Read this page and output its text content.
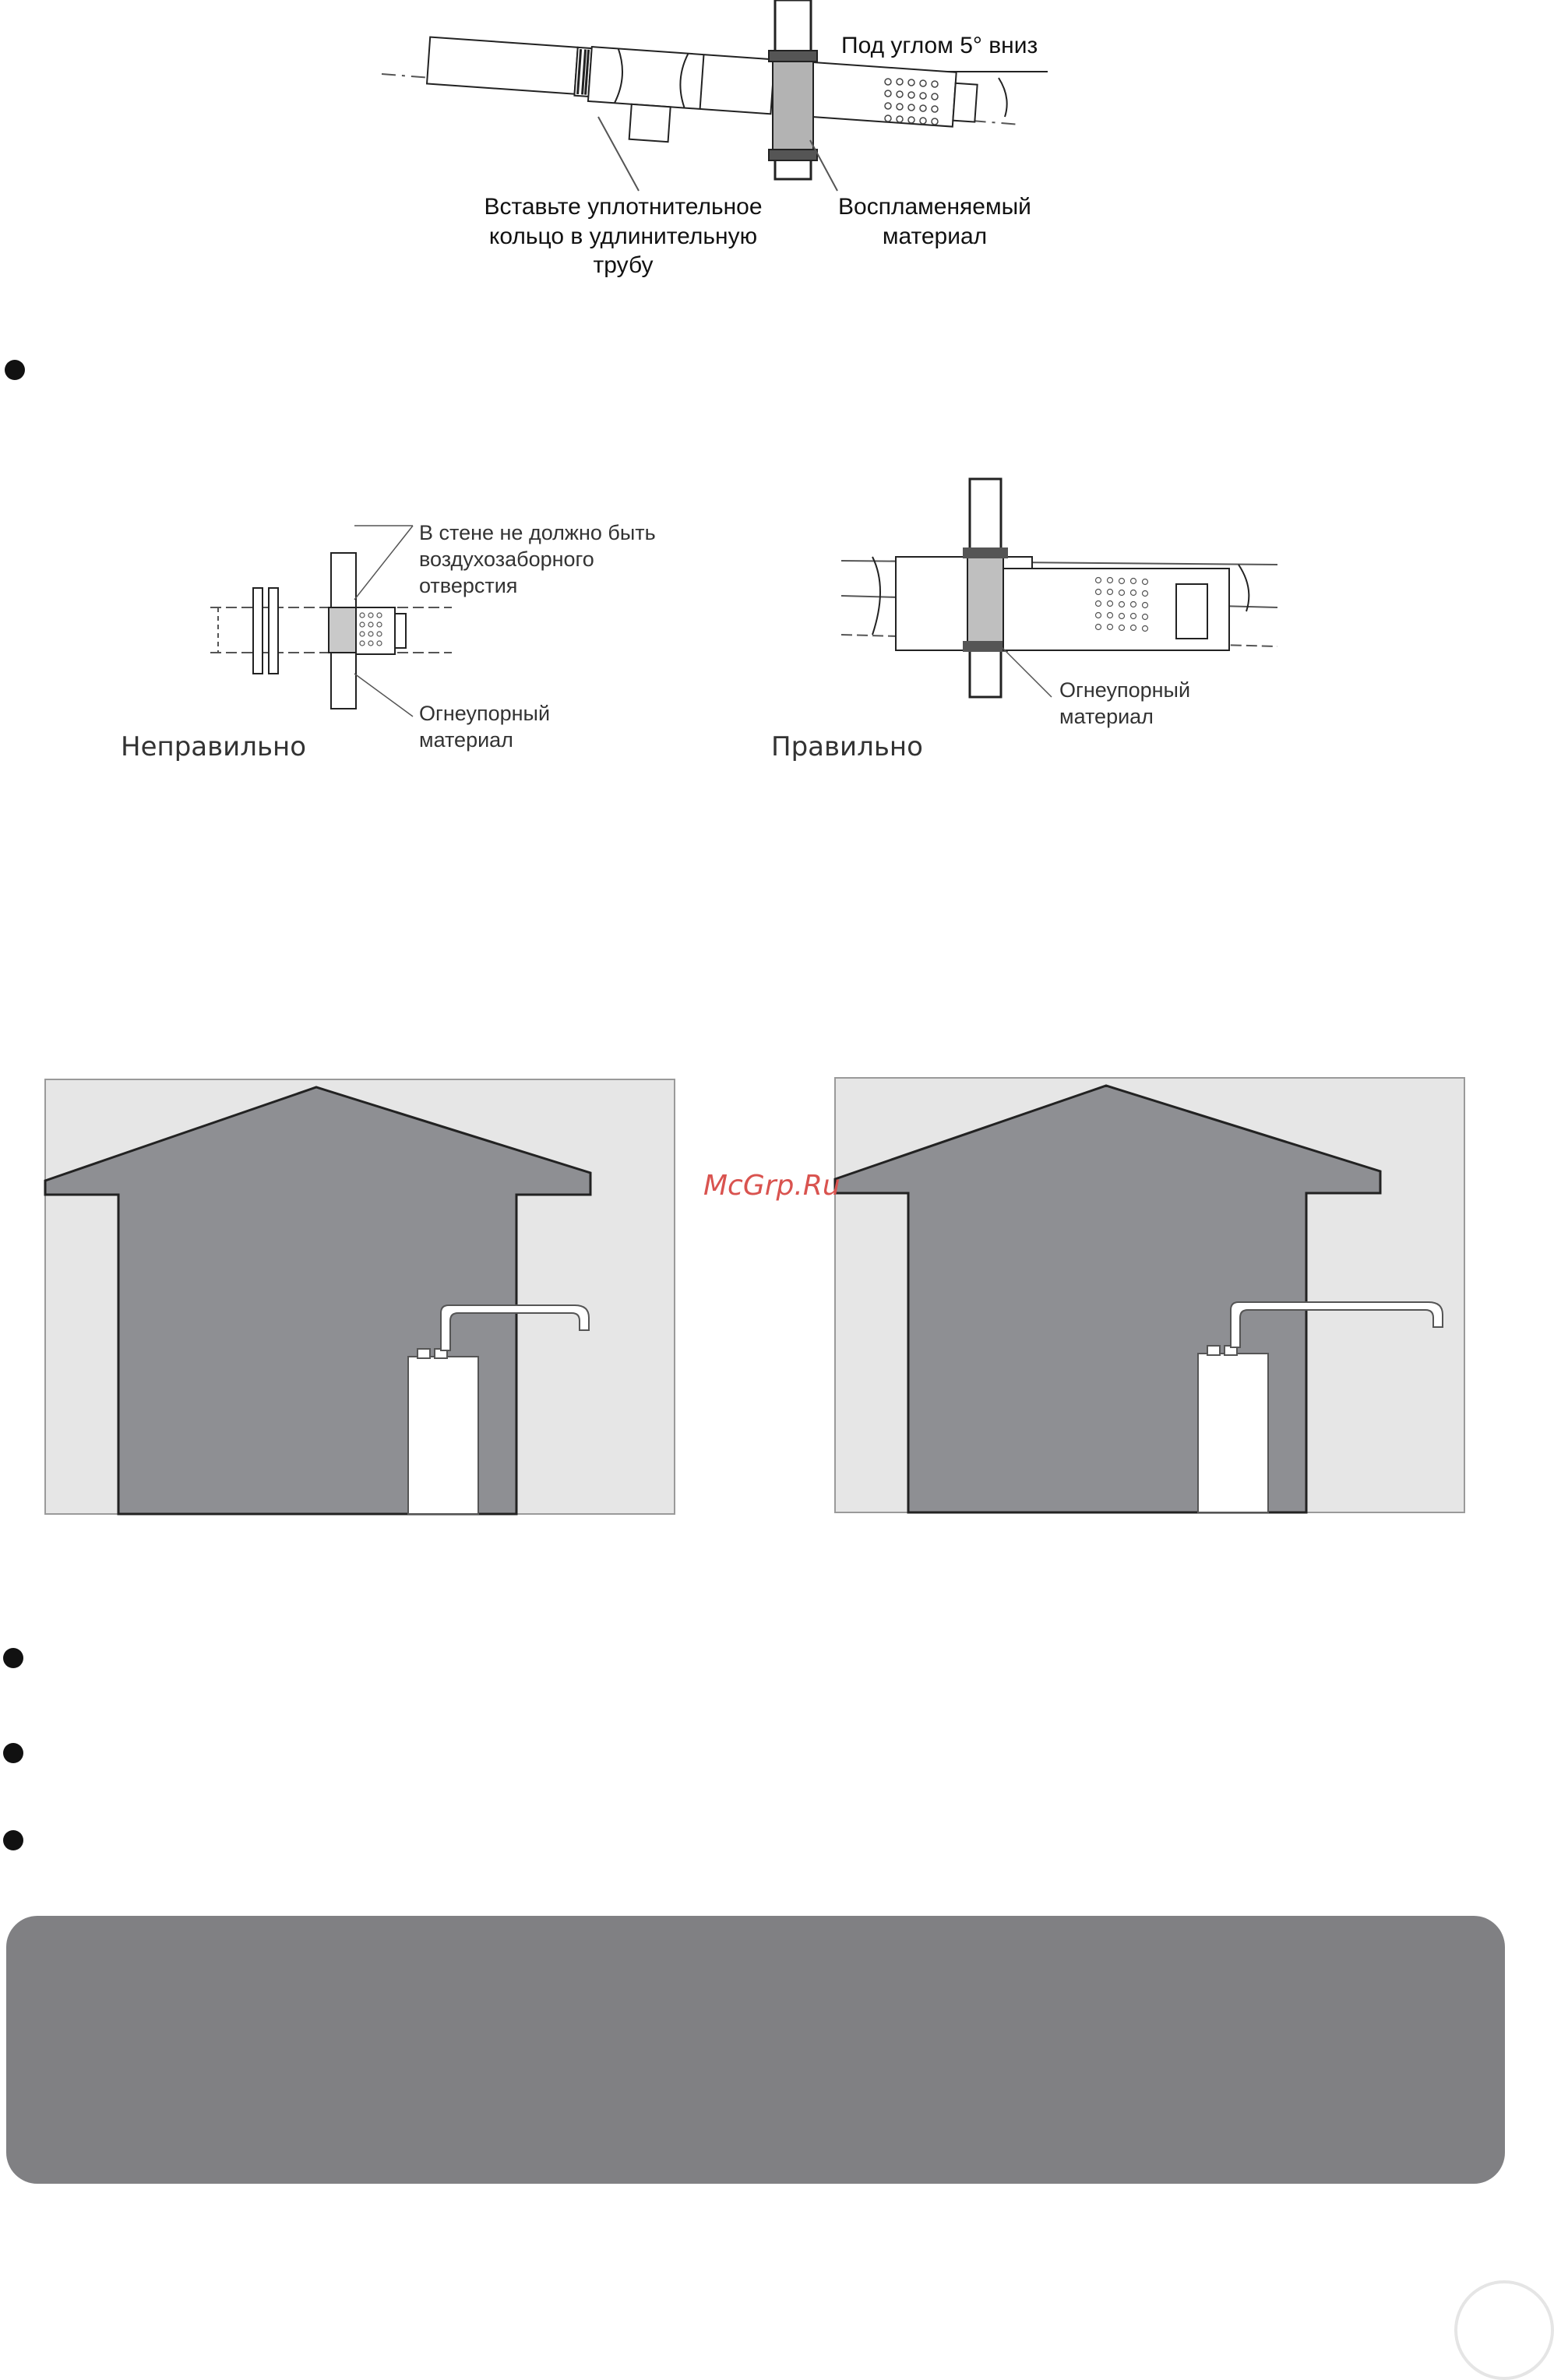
Под углом 5° вниз
Вставьте уплотнительное кольцо в удлинительную трубу
Воспламеняемый материал
В стене не должно быть воздухозаборного отверстия
Огнеупорный материал
Неправильно
Огнеупорный материал
Правильно
McGrp.Ru
